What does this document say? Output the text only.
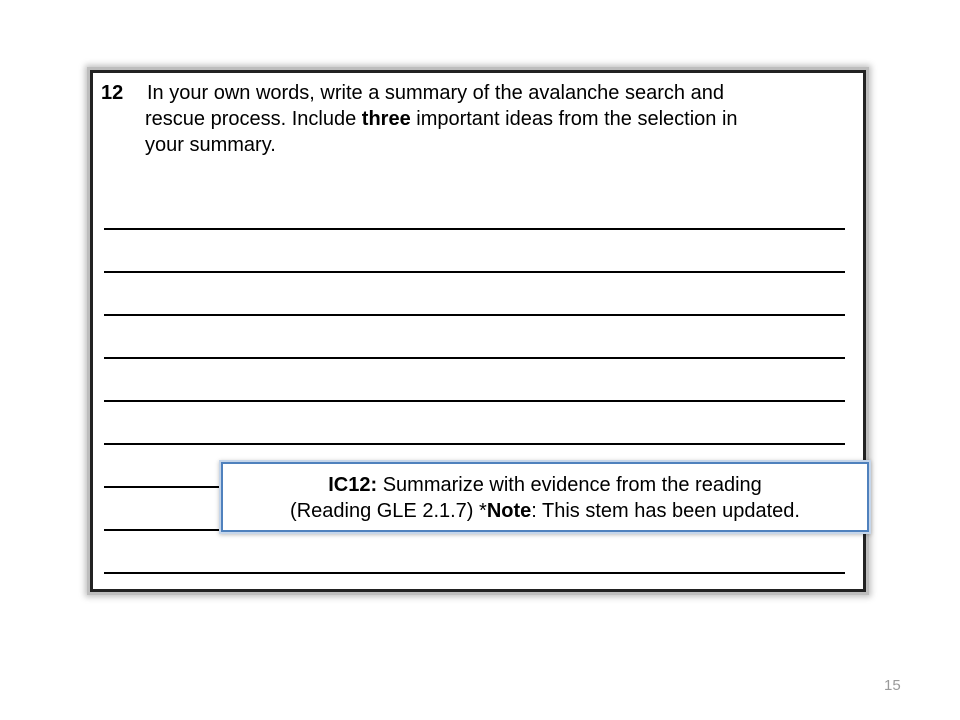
12 In your own words, write a summary of the avalanche search and
rescue process. Include three important ideas from the selection in
your summary.
IC12: Summarize with evidence from the reading
(Reading GLE 2.1.7) *Note: This stem has been updated.
15
